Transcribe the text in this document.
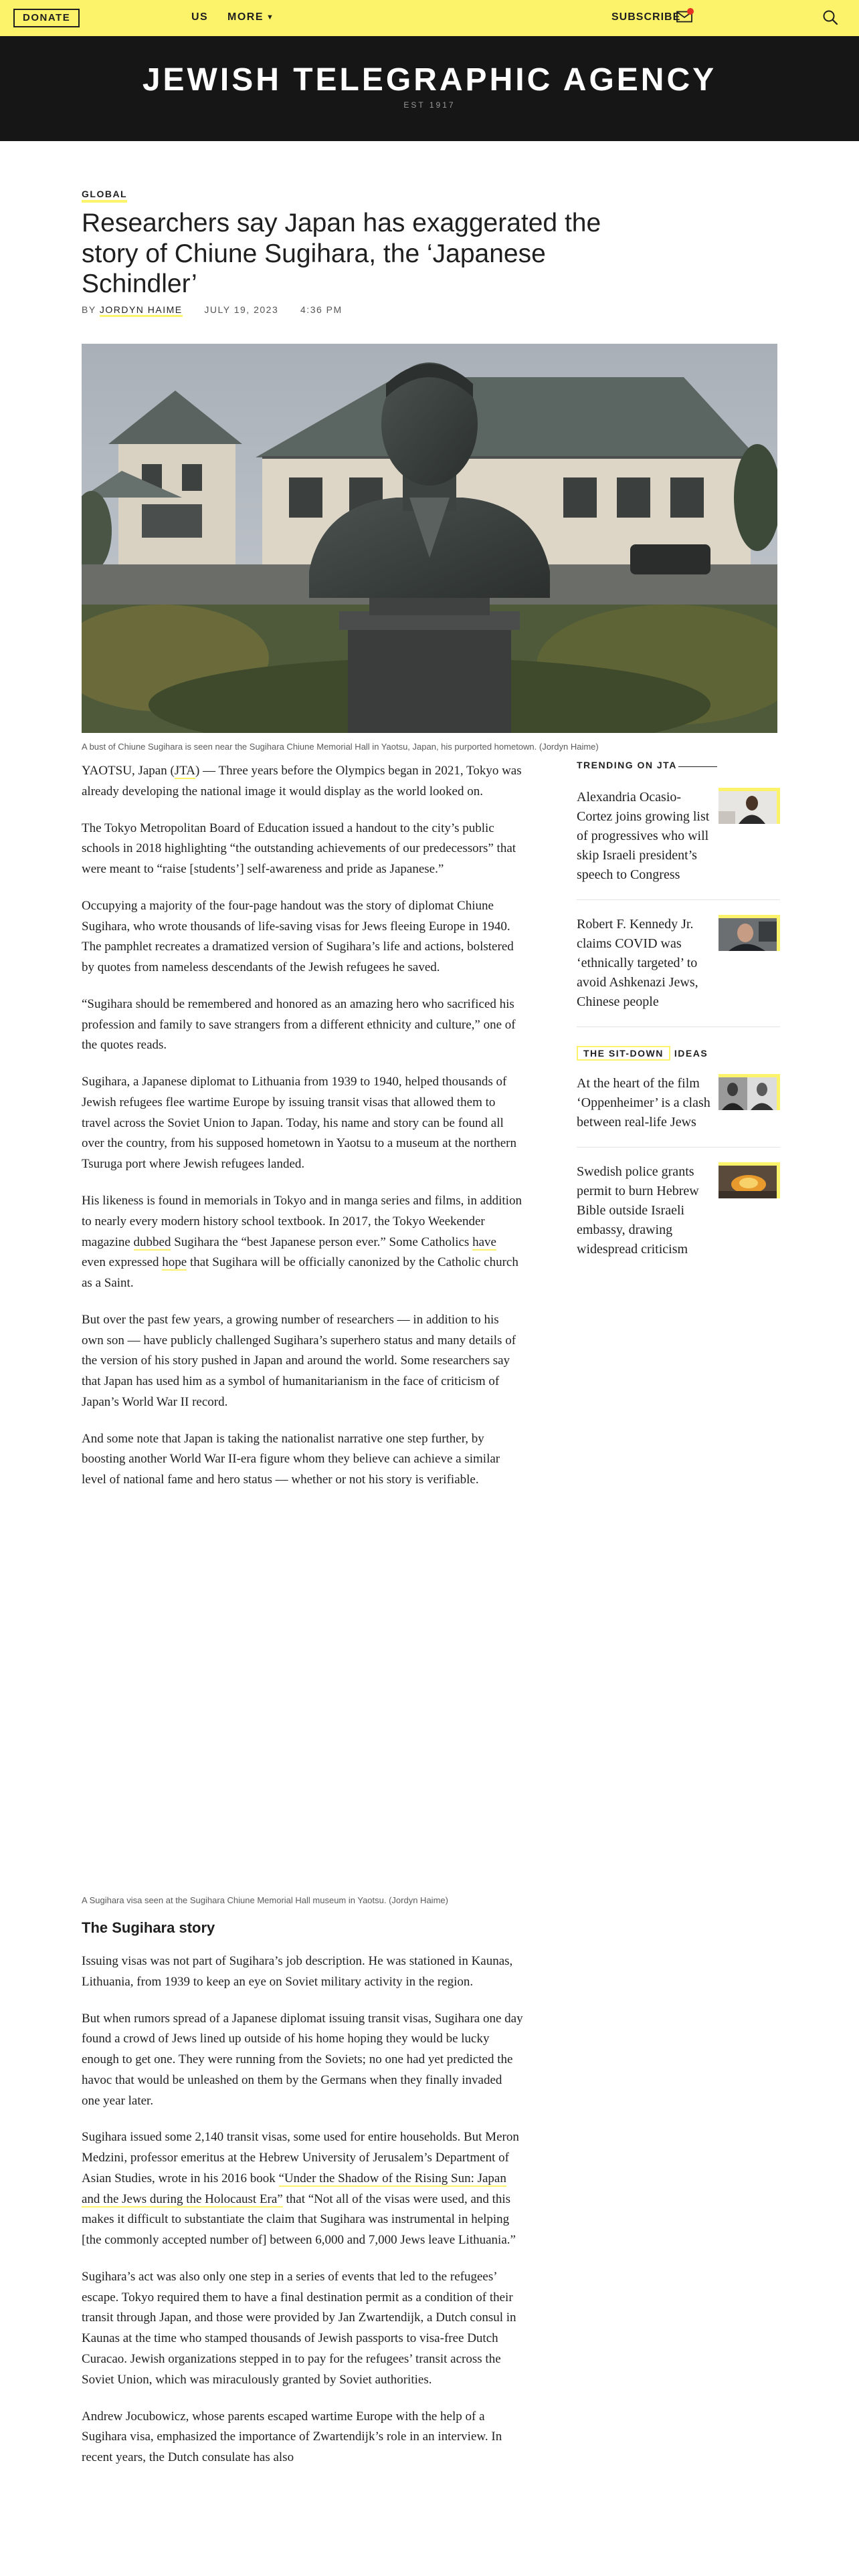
DONATE	US MORE ▼	SUBSCRIBE
JEWISH TELEGRAPHIC AGENCY
EST 1917
GLOBAL
Researchers say Japan has exaggerated the story of Chiune Sugihara, the ‘Japanese Schindler’
BY JORDYN HAIME JULY 19, 2023 4:36 PM
A bust of Chiune Sugihara is seen near the Sugihara Chiune Memorial Hall in Yaotsu, Japan, his purported hometown. (Jordyn Haime)

YAOTSU, Japan (JTA) — Three years before the Olympics began in 2021, Tokyo was already developing the national image it would display as the world looked on.

The Tokyo Metropolitan Board of Education issued a handout to the city’s public schools in 2018 highlighting “the outstanding achievements of our predecessors” that were meant to “raise [students’] self-awareness and pride as Japanese.”

Occupying a majority of the four-page handout was the story of diplomat Chiune Sugihara, who wrote thousands of life-saving visas for Jews fleeing Europe in 1940. The pamphlet recreates a dramatized version of Sugihara’s life and actions, bolstered by quotes from nameless descendants of the Jewish refugees he saved.

“Sugihara should be remembered and honored as an amazing hero who sacrificed his profession and family to save strangers from a different ethnicity and culture,” one of the quotes reads.

Sugihara, a Japanese diplomat to Lithuania from 1939 to 1940, helped thousands of Jewish refugees flee wartime Europe by issuing transit visas that allowed them to travel across the Soviet Union to Japan. Today, his name and story can be found all over the country, from his supposed hometown in Yaotsu to a museum at the northern Tsuruga port where Jewish refugees landed.

His likeness is found in memorials in Tokyo and in manga series and films, in addition to nearly every modern history school textbook. In 2017, the Tokyo Weekender magazine dubbed Sugihara the “best Japanese person ever.” Some Catholics have even expressed hope that Sugihara will be officially canonized by the Catholic church as a Saint.

But over the past few years, a growing number of researchers — in addition to his own son — have publicly challenged Sugihara’s superhero status and many details of the version of his story pushed in Japan and around the world. Some researchers say that Japan has used him as a symbol of humanitarianism in the face of criticism of Japan’s World War II record.

And some note that Japan is taking the nationalist narrative one step further, by boosting another World War II-era figure whom they believe can achieve a similar level of national fame and hero status — whether or not his story is verifiable.

A Sugihara visa seen at the Sugihara Chiune Memorial Hall museum in Yaotsu. (Jordyn Haime)
The Sugihara story

Issuing visas was not part of Sugihara’s job description. He was stationed in Kaunas, Lithuania, from 1939 to keep an eye on Soviet military activity in the region.

But when rumors spread of a Japanese diplomat issuing transit visas, Sugihara one day found a crowd of Jews lined up outside of his home hoping they would be lucky enough to get one. They were running from the Soviets; no one had yet predicted the havoc that would be unleashed on them by the Germans when they finally invaded one year later.

Sugihara issued some 2,140 transit visas, some used for entire households. But Meron Medzini, professor emeritus at the Hebrew University of Jerusalem’s Department of Asian Studies, wrote in his 2016 book “Under the Shadow of the Rising Sun: Japan and the Jews during the Holocaust Era” that “Not all of the visas were used, and this makes it difficult to substantiate the claim that Sugihara was instrumental in helping [the commonly accepted number of] between 6,000 and 7,000 Jews leave Lithuania.”

Sugihara’s act was also only one step in a series of events that led to the refugees’ escape. Tokyo required them to have a final destination permit as a condition of their transit through Japan, and those were provided by Jan Zwartendijk, a Dutch consul in Kaunas at the time who stamped thousands of Jewish passports to visa-free Dutch Curacao. Jewish organizations stepped in to pay for the refugees’ transit across the Soviet Union, which was miraculously granted by Soviet authorities.

Andrew Jocubowicz, whose parents escaped wartime Europe with the help of a Sugihara visa, emphasized the importance of Zwartendijk’s role in an interview. In recent years, the Dutch consulate has also

TRENDING ON JTA
Alexandria Ocasio-Cortez joins growing list of progressives who will skip Israeli president’s speech to Congress
Robert F. Kennedy Jr. claims COVID was ‘ethnically targeted’ to avoid Ashkenazi Jews, Chinese people
THE SIT-DOWN IDEAS
At the heart of the film ‘Oppenheimer’ is a clash between real-life Jews
Swedish police grants permit to burn Hebrew Bible outside Israeli embassy, drawing widespread criticism
